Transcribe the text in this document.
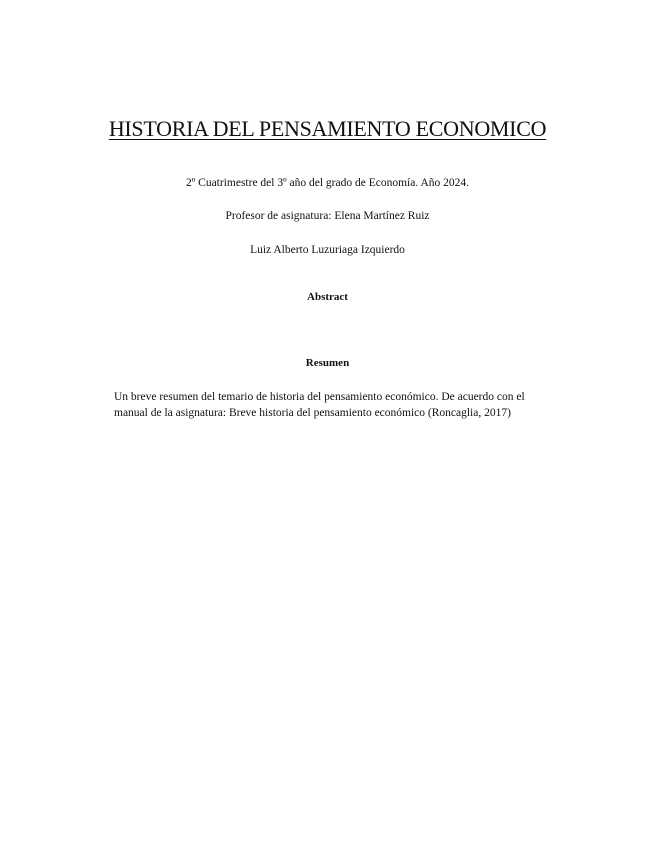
HISTORIA DEL PENSAMIENTO ECONOMICO

2º Cuatrimestre del 3º año del grado de Economía. Año 2024.

Profesor de asignatura: Elena Martínez Ruiz

Luiz Alberto Luzuriaga Izquierdo

Abstract

Resumen

Un breve resumen del temario de historia del pensamiento económico. De acuerdo con el
manual de la asignatura: Breve historia del pensamiento económico (Roncaglia, 2017)
